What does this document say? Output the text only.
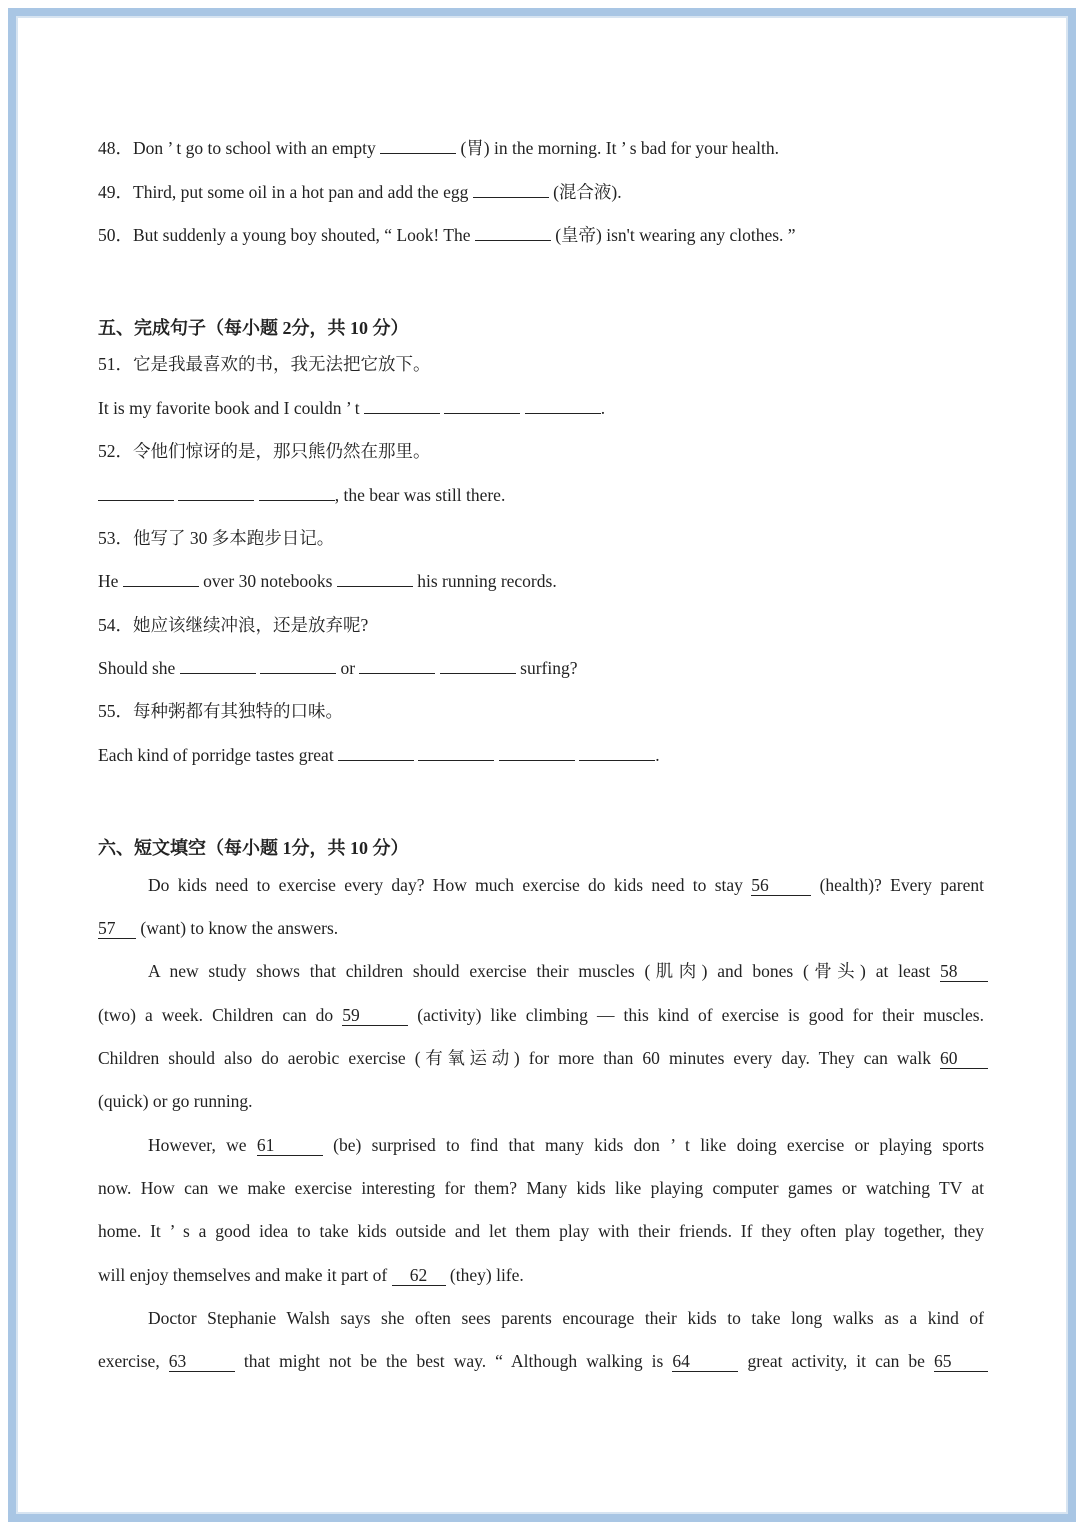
48．Don ’ t go to school with an empty	(胃) in the morning. It ’ s bad for your health.
49．Third, put some oil in a hot pan and add the egg	(混合液).
50．But suddenly a young boy shouted, “ Look! The	(皇帝) isn't wearing any clothes. ”
五、完成句子（每小题 2分，共 10 分）
51．它是我最喜欢的书，我无法把它放下。
It is my favorite book and I couldn ’ t	.
52．令他们惊讶的是，那只熊仍然在那里。
, the bear was still there.
53．他写了 30 多本跑步日记。
He	over 30 notebooks	his running records.
54．她应该继续冲浪，还是放弃呢?
Should she	or	surfing?
55．每种粥都有其独特的口味。
Each kind of porridge tastes great	.
六、短文填空（每小题 1分，共 10 分）
Do kids need to exercise every day? How much exercise do kids need to stay 56 (health)? Every parent
57 (want) to know the answers.
A new study shows that children should exercise their muscles (肌肉) and bones (骨头) at least 58
(two) a week. Children can do 59	(activity) like climbing — this kind of exercise is good for their muscles.
Children should also do aerobic exercise (有氧运动) for more than 60 minutes every day. They can walk 60
(quick) or go running.
However, we 61	(be) surprised to find that many kids don ’ t like doing exercise or playing sports
now. How can we make exercise interesting for them? Many kids like playing computer games or watching TV at
home. It ’ s a good idea to take kids outside and let them play with their friends. If they often play together, they
will enjoy themselves and make it part of 62 (they) life.
Doctor Stephanie Walsh says she often sees parents encourage their kids to take long walks as a kind of
exercise, 63	that might not be the best way. “ Although walking is 64	great activity, it can be 65
